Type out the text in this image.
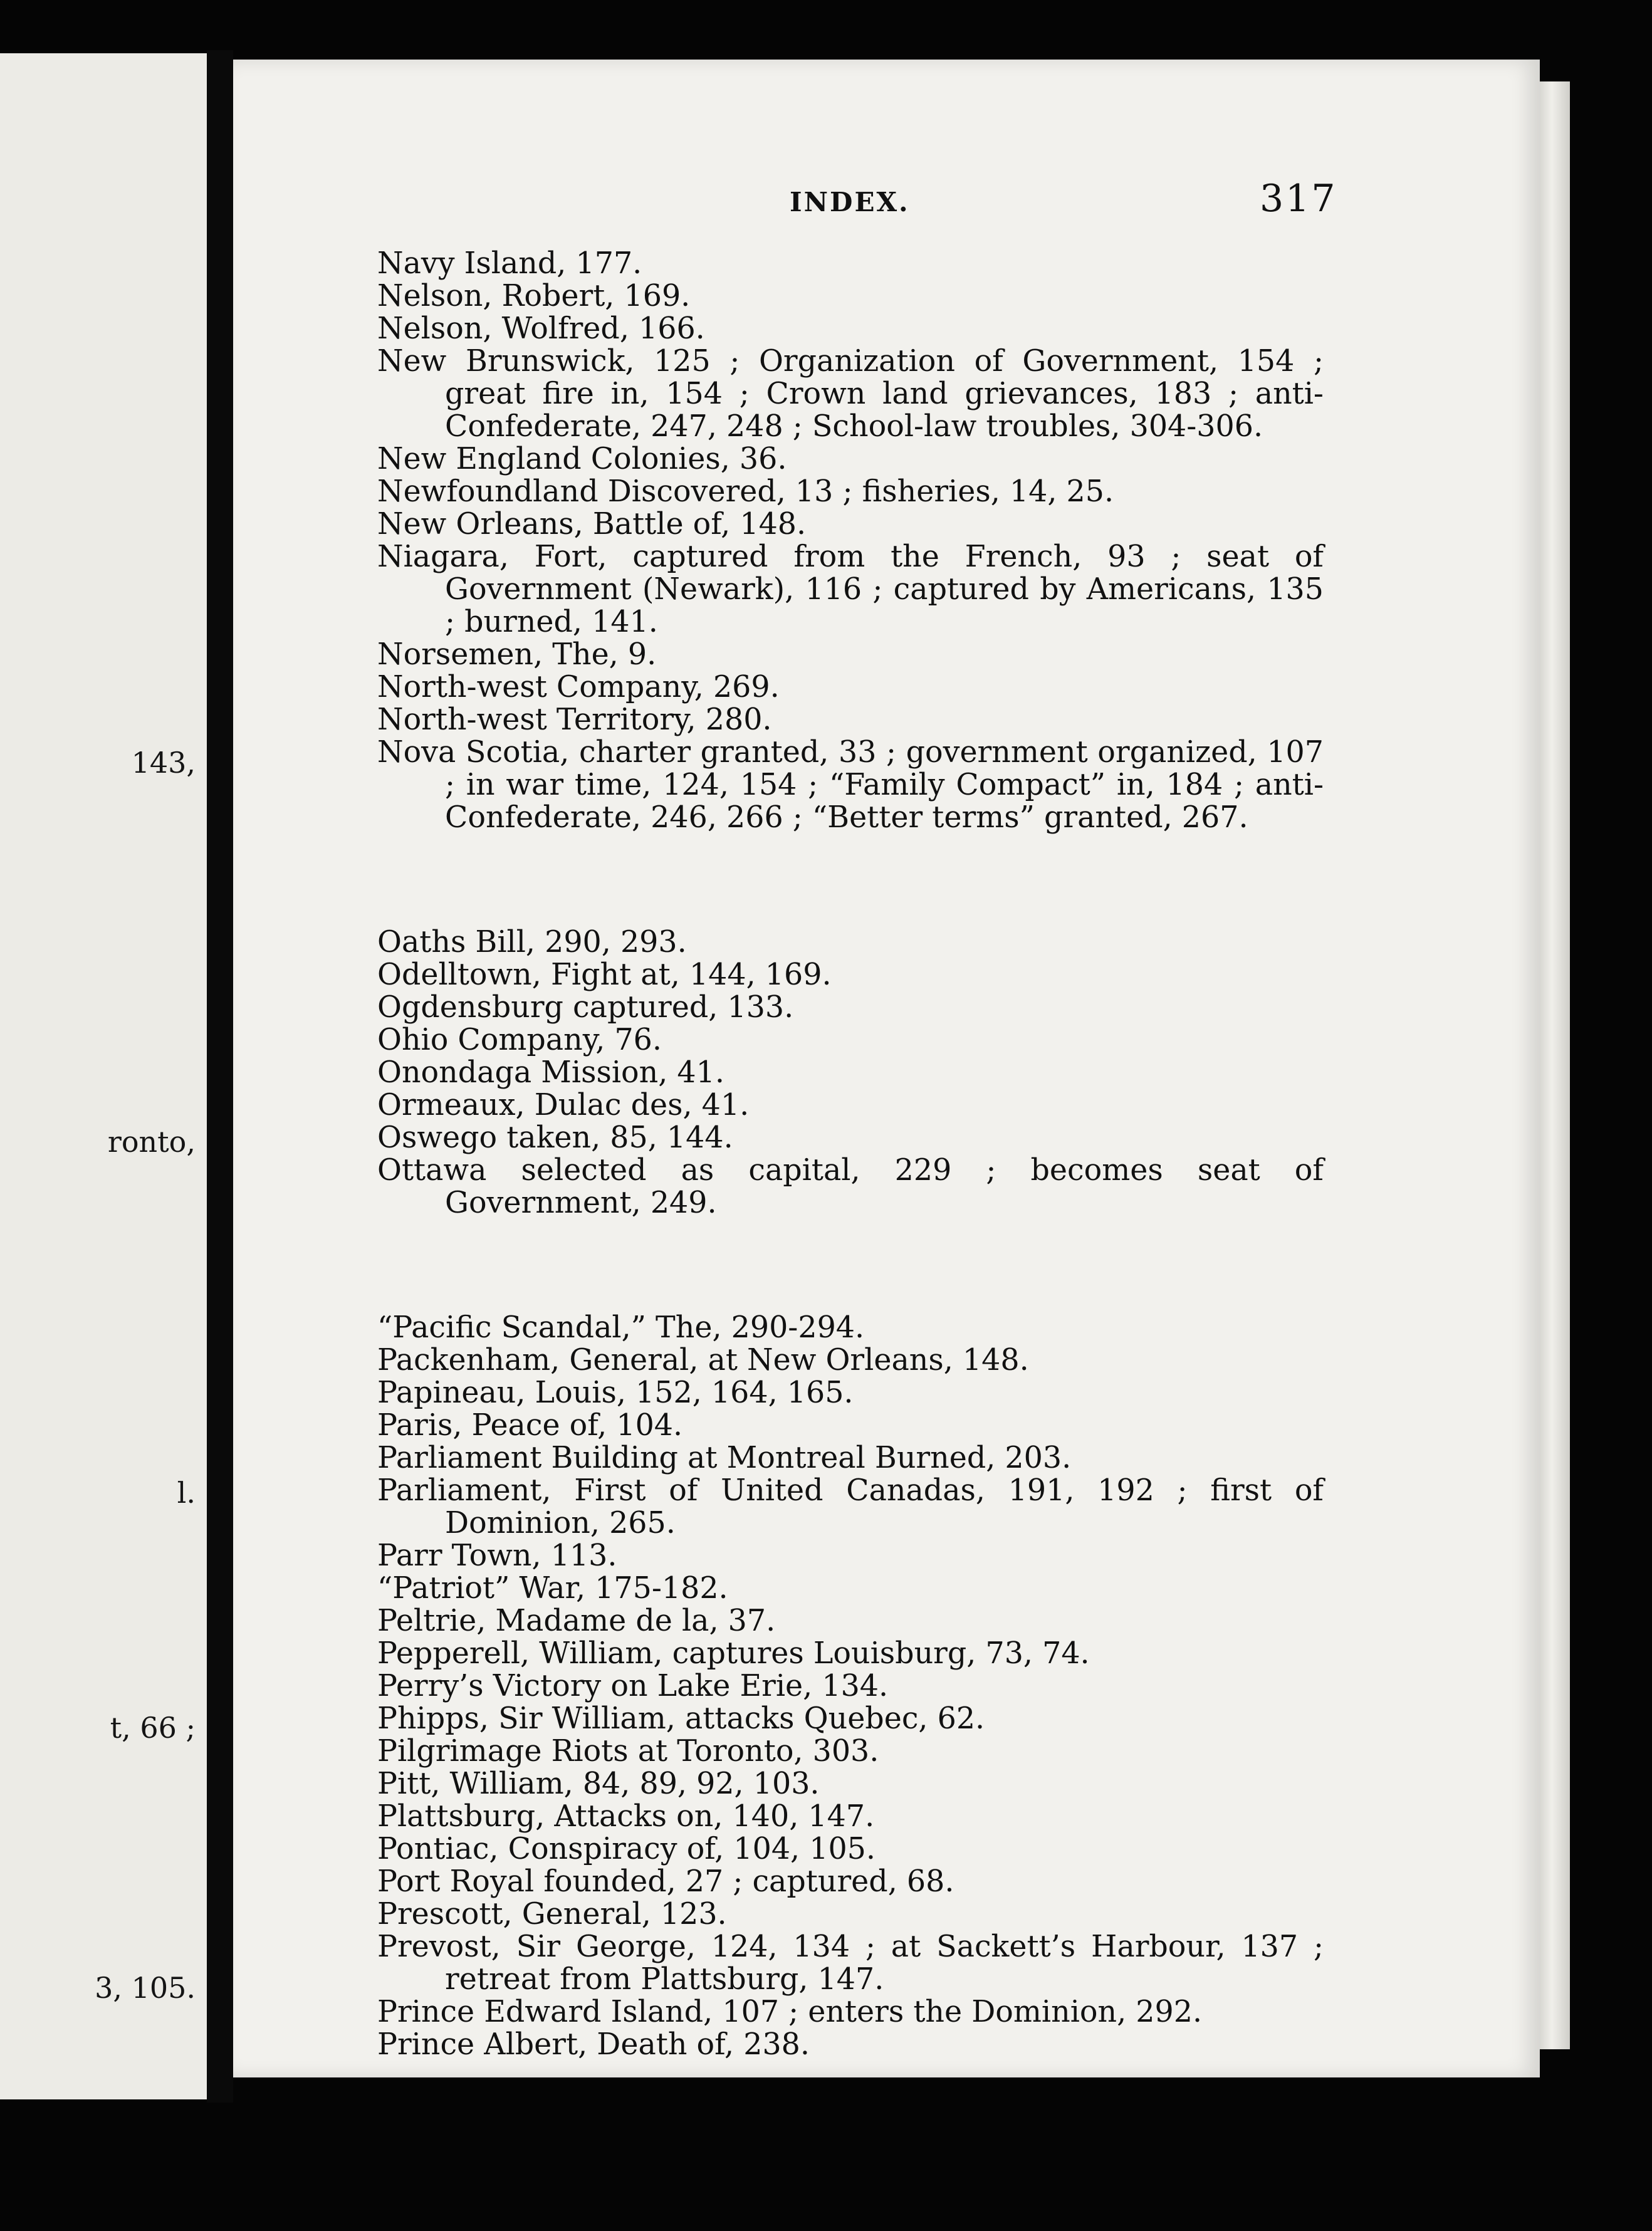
143,
ronto,
l.
t, 66 ;
3, 105.
INDEX.	317

Navy Island, 177.

Nelson, Robert, 169.

Nelson, Wolfred, 166.

New Brunswick, 125 ; Organization of Government, 154 ; great fire in, 154 ; Crown land grievances, 183 ; anti-Confederate, 247, 248 ; School-law troubles, 304-306.

New England Colonies, 36.

Newfoundland Discovered, 13 ; fisheries, 14, 25.

New Orleans, Battle of, 148.

Niagara, Fort, captured from the French, 93 ; seat of Government (Newark), 116 ; captured by Americans, 135 ; burned, 141.

Norsemen, The, 9.

North-west Company, 269.

North-west Territory, 280.

Nova Scotia, charter granted, 33 ; government organized, 107 ; in war time, 124, 154 ; “Family Compact” in, 184 ; anti-Confederate, 246, 266 ; “Better terms” granted, 267.

Oaths Bill, 290, 293.

Odelltown, Fight at, 144, 169.

Ogdensburg captured, 133.

Ohio Company, 76.

Onondaga Mission, 41.

Ormeaux, Dulac des, 41.

Oswego taken, 85, 144.

Ottawa selected as capital, 229 ; becomes seat of Government, 249.

“Pacific Scandal,” The, 290-294.

Packenham, General, at New Orleans, 148.

Papineau, Louis, 152, 164, 165.

Paris, Peace of, 104.

Parliament Building at Montreal Burned, 203.

Parliament, First of United Canadas, 191, 192 ; first of Dominion, 265.

Parr Town, 113.

“Patriot” War, 175-182.

Peltrie, Madame de la, 37.

Pepperell, William, captures Louisburg, 73, 74.

Perry’s Victory on Lake Erie, 134.

Phipps, Sir William, attacks Quebec, 62.

Pilgrimage Riots at Toronto, 303.

Pitt, William, 84, 89, 92, 103.

Plattsburg, Attacks on, 140, 147.

Pontiac, Conspiracy of, 104, 105.

Port Royal founded, 27 ; captured, 68.

Prescott, General, 123.

Prevost, Sir George, 124, 134 ; at Sackett’s Harbour, 137 ; retreat from Plattsburg, 147.

Prince Edward Island, 107 ; enters the Dominion, 292.

Prince Albert, Death of, 238.
